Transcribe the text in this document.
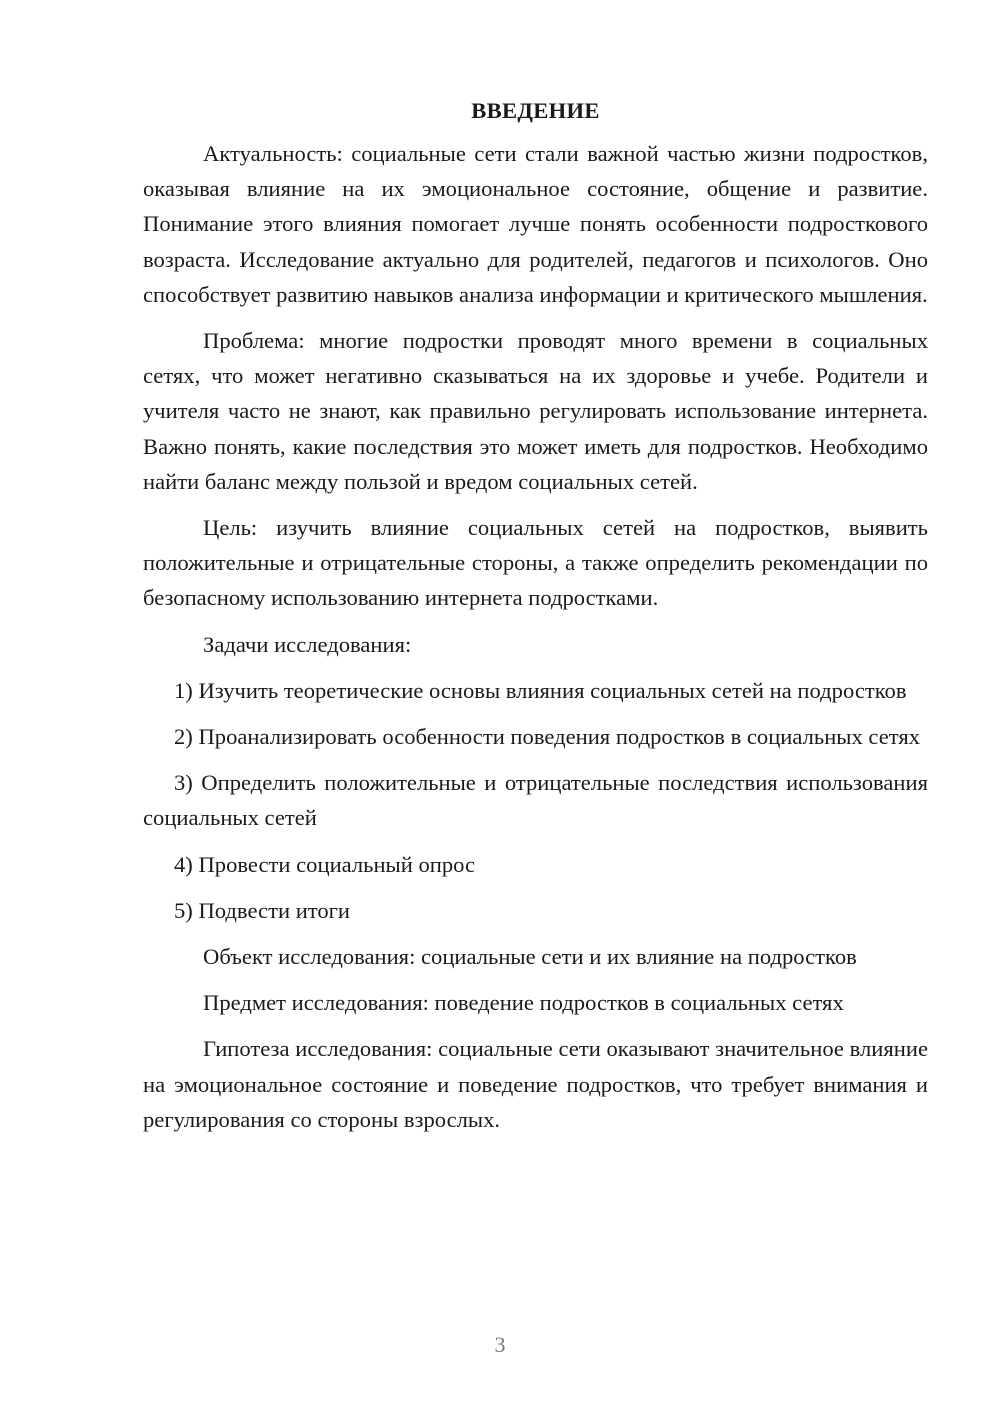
ВВЕДЕНИЕ

Актуальность: социальные сети стали важной частью жизни подростков, оказывая влияние на их эмоциональное состояние, общение и развитие. Понимание этого влияния помогает лучше понять особенности подросткового возраста. Исследование актуально для родителей, педагогов и психологов. Оно способствует развитию навыков анализа информации и критического мышления.

Проблема: многие подростки проводят много времени в социальных сетях, что может негативно сказываться на их здоровье и учебе. Родители и учителя часто не знают, как правильно регулировать использование интернета. Важно понять, какие последствия это может иметь для подростков. Необходимо найти баланс между пользой и вредом социальных сетей.

Цель: изучить влияние социальных сетей на подростков, выявить положительные и отрицательные стороны, а также определить рекомендации по безопасному использованию интернета подростками.

Задачи исследования:

1) Изучить теоретические основы влияния социальных сетей на подростков

2) Проанализировать особенности поведения подростков в социальных сетях

3) Определить положительные и отрицательные последствия использования социальных сетей

4) Провести социальный опрос

5) Подвести итоги

Объект исследования: социальные сети и их влияние на подростков

Предмет исследования: поведение подростков в социальных сетях

Гипотеза исследования: социальные сети оказывают значительное влияние на эмоциональное состояние и поведение подростков, что требует внимания и регулирования со стороны взрослых.

3
